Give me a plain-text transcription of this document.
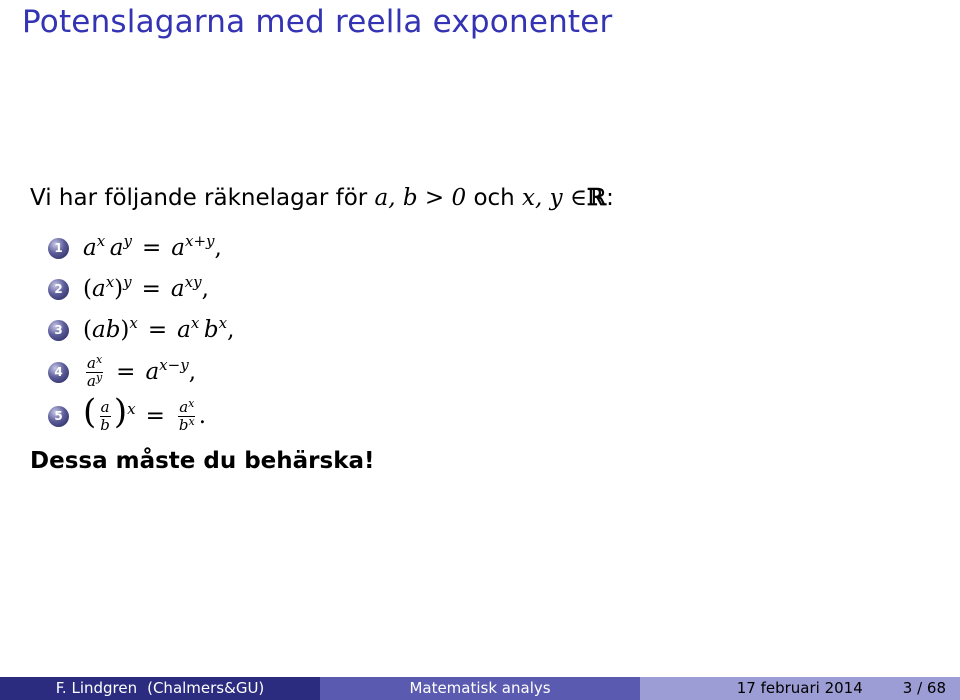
Potenslagarna med reella exponenter
Vi har följande räknelagar för a, b > 0 och x, y ∈ℝ:
1 $a^x$ $a^y = a^{x+y}$,
2 $(a^x)^y = a^{xy}$,
3 $(ab)^x = a^x$ $b^x$,
4	$\frac{a^x}{a^y} = a^{x-y}$,
5 ( $\frac{a}{b} )^x = \frac{a^x}{b^x}$ .
Dessa måste du behärska!
F. Lindgren (Chalmers&GU)	Matematisk analys	17 februari 2014	3 / 68
